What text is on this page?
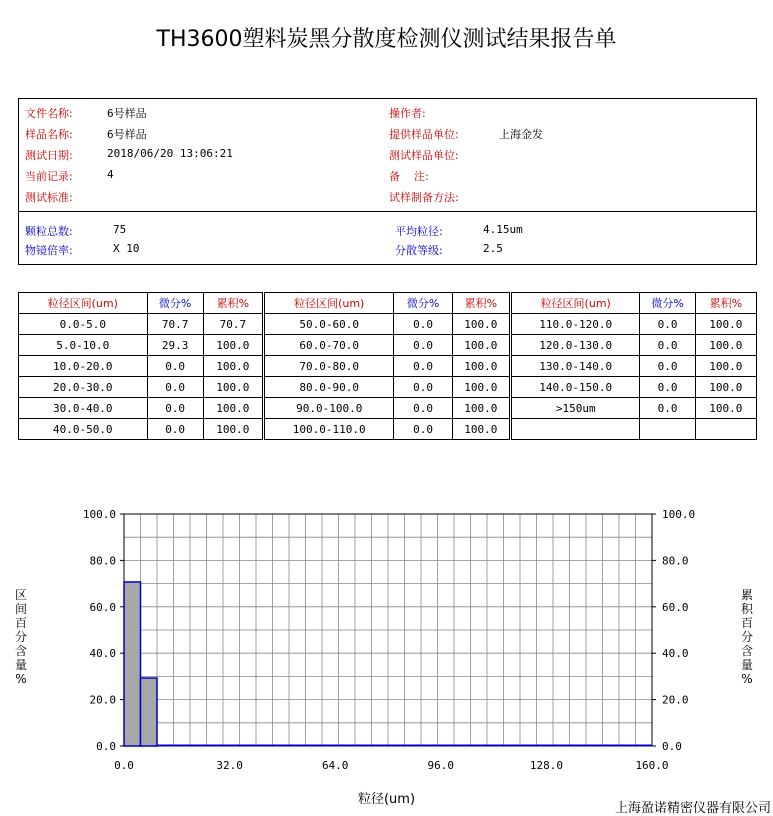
TH3600塑料炭黑分散度检测仪测试结果报告单
文件名称:	6号样品
样品名称:	6号样品
测试日期:	2018/06/20 13:06:21
当前记录:	4
测试标准:
操作者:
提供样品单位:	上海金发
测试样品单位:
备    注:
试样制备方法:
颗粒总数:	75
物镜倍率:	X 10
平均粒径:	4.15um
分散等级:	2.5
粒径区间(um)	微分%	累积%	粒径区间(um)	微分%	累积%	粒径区间(um)	微分%	累积%
0.0-5.0	70.7	70.7	50.0-60.0	0.0	100.0	110.0-120.0	0.0	100.0
5.0-10.0	29.3	100.0	60.0-70.0	0.0	100.0	120.0-130.0	0.0	100.0
10.0-20.0	0.0	100.0	70.0-80.0	0.0	100.0	130.0-140.0	0.0	100.0
20.0-30.0	0.0	100.0	80.0-90.0	0.0	100.0	140.0-150.0	0.0	100.0
30.0-40.0	0.0	100.0	90.0-100.0	0.0	100.0	>150um	0.0	100.0
40.0-50.0	0.0	100.0	100.0-110.0	0.0	100.0			
0.0	0.0
20.0	20.0
40.0	40.0
60.0	60.0
80.0	80.0
100.0	100.0
0.0	32.0	64.0	96.0	128.0	160.0
区
间
百
分
含
量
%
累
积
百
分
含
量
%
粒径(um)
上海盈诺精密仪器有限公司
